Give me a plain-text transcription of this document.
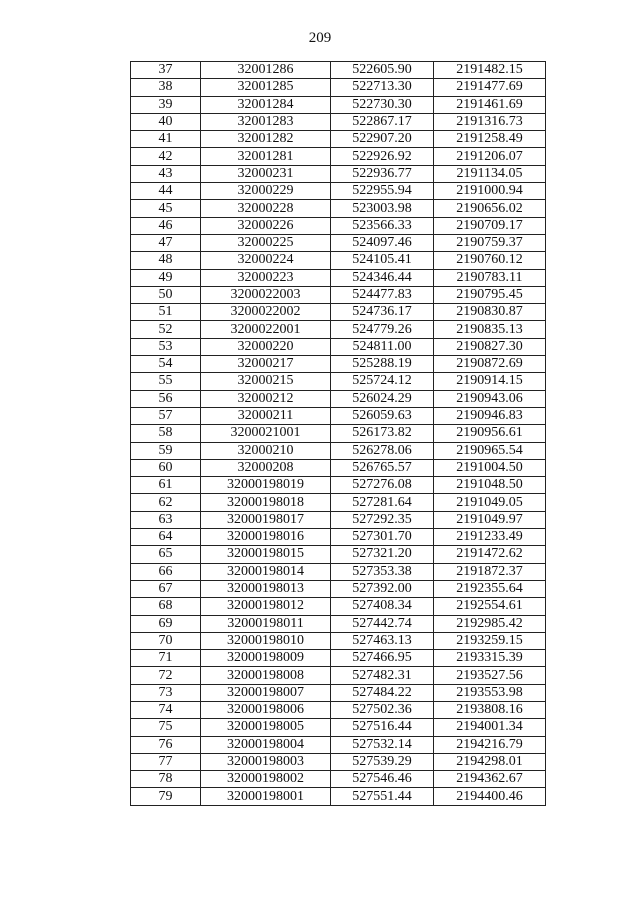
209
37	32001286	522605.90	2191482.15
38	32001285	522713.30	2191477.69
39	32001284	522730.30	2191461.69
40	32001283	522867.17	2191316.73
41	32001282	522907.20	2191258.49
42	32001281	522926.92	2191206.07
43	32000231	522936.77	2191134.05
44	32000229	522955.94	2191000.94
45	32000228	523003.98	2190656.02
46	32000226	523566.33	2190709.17
47	32000225	524097.46	2190759.37
48	32000224	524105.41	2190760.12
49	32000223	524346.44	2190783.11
50	3200022003	524477.83	2190795.45
51	3200022002	524736.17	2190830.87
52	3200022001	524779.26	2190835.13
53	32000220	524811.00	2190827.30
54	32000217	525288.19	2190872.69
55	32000215	525724.12	2190914.15
56	32000212	526024.29	2190943.06
57	32000211	526059.63	2190946.83
58	3200021001	526173.82	2190956.61
59	32000210	526278.06	2190965.54
60	32000208	526765.57	2191004.50
61	32000198019	527276.08	2191048.50
62	32000198018	527281.64	2191049.05
63	32000198017	527292.35	2191049.97
64	32000198016	527301.70	2191233.49
65	32000198015	527321.20	2191472.62
66	32000198014	527353.38	2191872.37
67	32000198013	527392.00	2192355.64
68	32000198012	527408.34	2192554.61
69	32000198011	527442.74	2192985.42
70	32000198010	527463.13	2193259.15
71	32000198009	527466.95	2193315.39
72	32000198008	527482.31	2193527.56
73	32000198007	527484.22	2193553.98
74	32000198006	527502.36	2193808.16
75	32000198005	527516.44	2194001.34
76	32000198004	527532.14	2194216.79
77	32000198003	527539.29	2194298.01
78	32000198002	527546.46	2194362.67
79	32000198001	527551.44	2194400.46
